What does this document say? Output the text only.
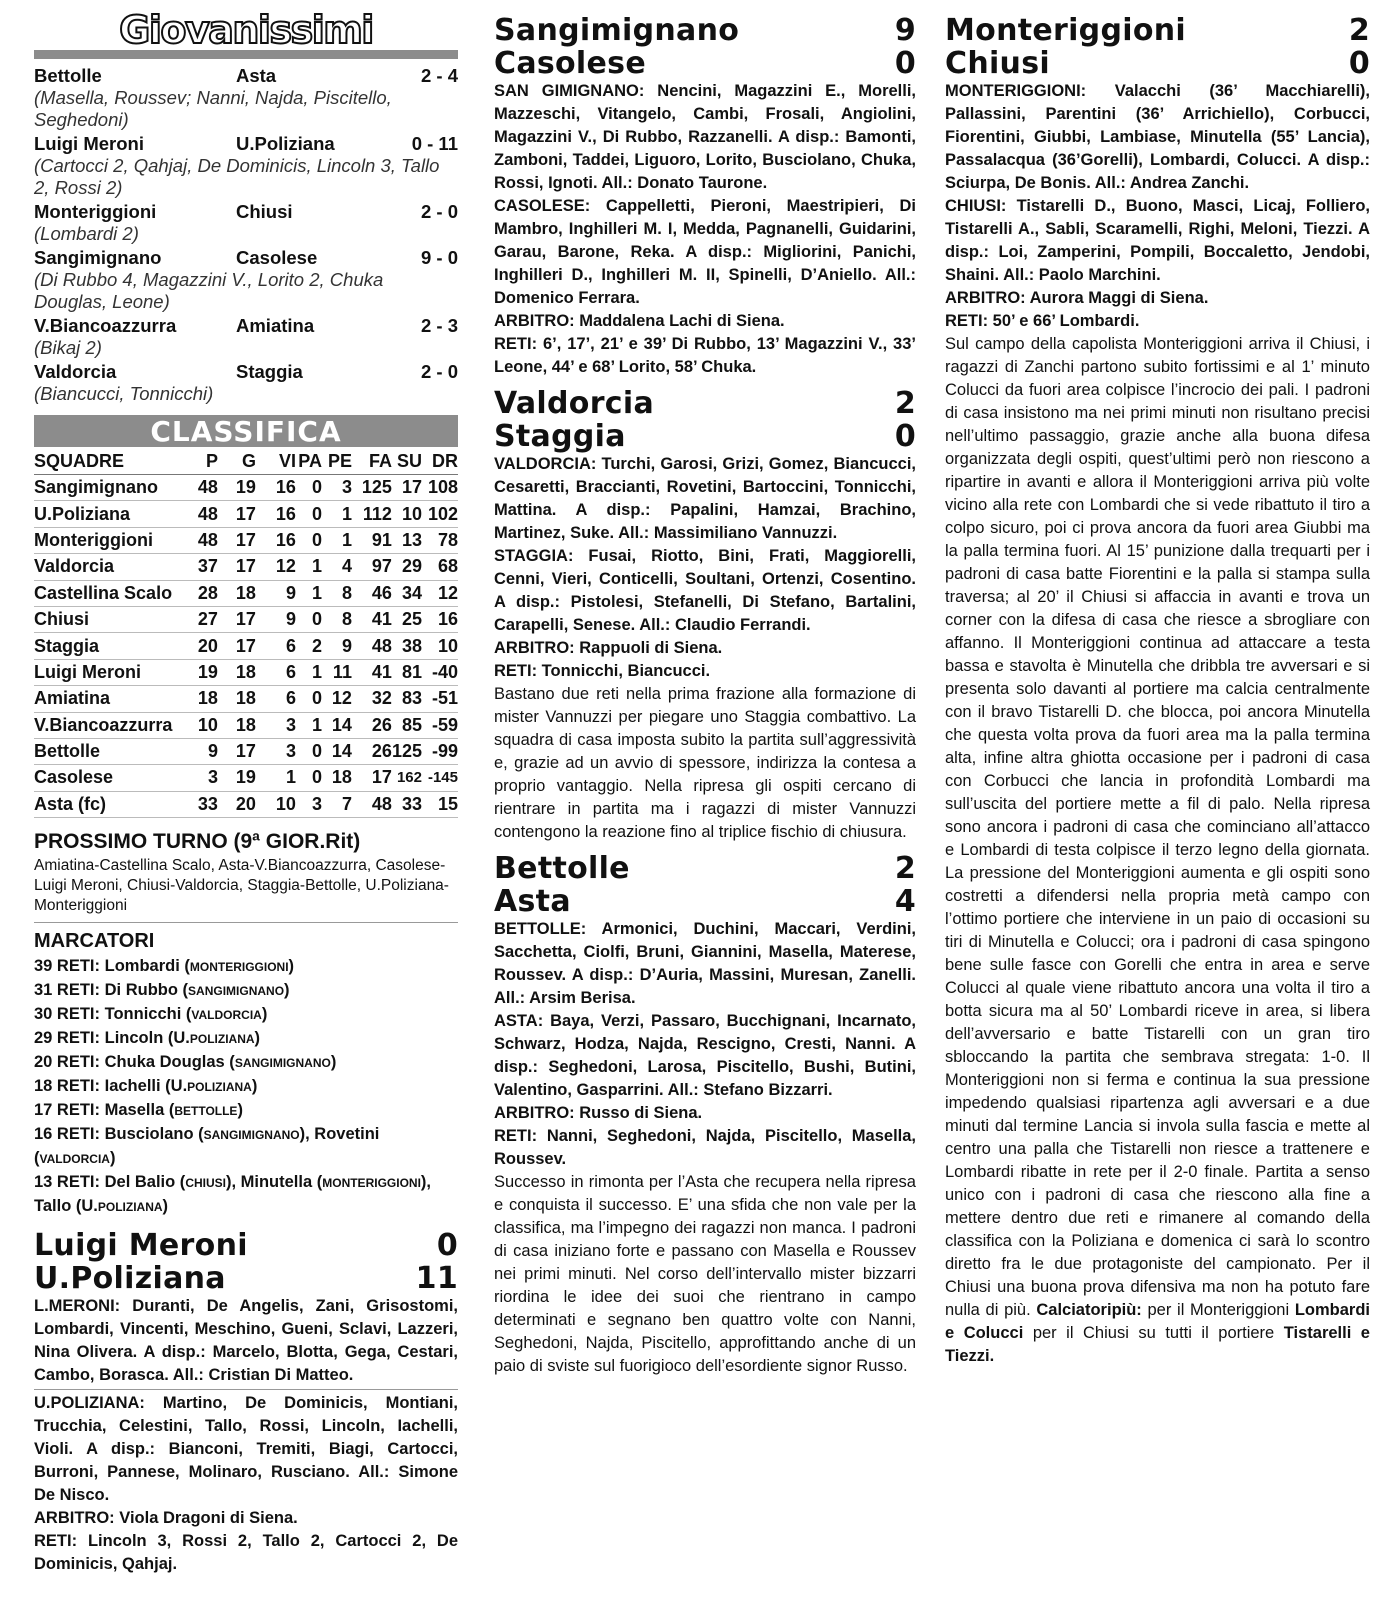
Giovanissimi
Bettolle	Asta	2 - 4
(Masella, Roussev; Nanni, Najda, Piscitello, Seghedoni)
Luigi Meroni	U.Poliziana	0 - 11
(Cartocci 2, Qahjaj, De Dominicis, Lincoln 3, Tallo 2, Rossi 2)
Monteriggioni	Chiusi	2 - 0
(Lombardi 2)
Sangimignano	Casolese	9 - 0
(Di Rubbo 4, Magazzini V., Lorito 2, Chuka Douglas, Leone)
V.Biancoazzurra	Amiatina	2 - 3
(Bikaj 2)
Valdorcia	Staggia	2 - 0
(Biancucci, Tonnicchi)
CLASSIFICA
SQUADRE	P	G	VI	PA	PE	FA	SU	DR
Sangimignano	48	19	16	0	3	125	17	108
U.Poliziana	48	17	16	0	1	112	10	102
Monteriggioni	48	17	16	0	1	91	13	78
Valdorcia	37	17	12	1	4	97	29	68
Castellina Scalo	28	18	9	1	8	46	34	12
Chiusi	27	17	9	0	8	41	25	16
Staggia	20	17	6	2	9	48	38	10
Luigi Meroni	19	18	6	1	11	41	81	-40
Amiatina	18	18	6	0	12	32	83	-51
V.Biancoazzurra	10	18	3	1	14	26	85	-59
Bettolle	9	17	3	0	14	26	125	-99
Casolese	3	19	1	0	18	17	162	-145
Asta (fc)	33	20	10	3	7	48	33	15
PROSSIMO TURNO (9ª GIOR.Rit)
Amiatina-Castellina Scalo, Asta-V.Biancoazzurra, Casolese-Luigi Meroni, Chiusi-Valdorcia, Staggia-Bettolle, U.Poliziana-Monteriggioni
MARCATORI
39 RETI: Lombardi (MONTERIGGIONI)
31 RETI: Di Rubbo (SANGIMIGNANO)
30 RETI: Tonnicchi (VALDORCIA)
29 RETI: Lincoln (U.POLIZIANA)
20 RETI: Chuka Douglas (SANGIMIGNANO)
18 RETI: Iachelli (U.POLIZIANA)
17 RETI: Masella (BETTOLLE)
16 RETI: Busciolano (SANGIMIGNANO), Rovetini (VALDORCIA)
13 RETI: Del Balio (CHIUSI), Minutella (MONTERIGGIONI), Tallo (U.POLIZIANA)
Luigi Meroni	0
U.Poliziana	11
L.MERONI: Duranti, De Angelis, Zani, Grisostomi, Lombardi, Vincenti, Meschino, Gueni, Sclavi, Lazzeri, Nina Olivera. A disp.: Marcelo, Blotta, Gega, Cestari, Cambo, Borasca. All.: Cristian Di Matteo.
U.POLIZIANA: Martino, De Dominicis, Montiani, Trucchia, Celestini, Tallo, Rossi, Lincoln, Iachelli, Violi. A disp.: Bianconi, Tremiti, Biagi, Cartocci, Burroni, Pannese, Molinaro, Rusciano. All.: Simone De Nisco.
ARBITRO: Viola Dragoni di Siena.
RETI: Lincoln 3, Rossi 2, Tallo 2, Cartocci 2, De Dominicis, Qahjaj.
Sangimignano	9
Casolese	0
SAN GIMIGNANO: Nencini, Magazzini E., Morelli, Mazzeschi, Vitangelo, Cambi, Frosali, Angiolini, Magazzini V., Di Rubbo, Razzanelli. A disp.: Bamonti, Zamboni, Taddei, Liguoro, Lorito, Busciolano, Chuka, Rossi, Ignoti. All.: Donato Taurone.
CASOLESE: Cappelletti, Pieroni, Maestripieri, Di Mambro, Inghilleri M. I, Medda, Pagnanelli, Guidarini, Garau, Barone, Reka. A disp.: Migliorini, Panichi, Inghilleri D., Inghilleri M. II, Spinelli, D’Aniello. All.: Domenico Ferrara.
ARBITRO: Maddalena Lachi di Siena.
RETI: 6’, 17’, 21’ e 39’ Di Rubbo, 13’ Magazzini V., 33’ Leone, 44’ e 68’ Lorito, 58’ Chuka.
Valdorcia	2
Staggia	0
VALDORCIA: Turchi, Garosi, Grizi, Gomez, Biancucci, Cesaretti, Braccianti, Rovetini, Bartoccini, Tonnicchi, Mattina. A disp.: Papalini, Hamzai, Brachino, Martinez, Suke. All.: Massimiliano Vannuzzi.
STAGGIA: Fusai, Riotto, Bini, Frati, Maggiorelli, Cenni, Vieri, Conticelli, Soultani, Ortenzi, Cosentino. A disp.: Pistolesi, Stefanelli, Di Stefano, Bartalini, Carapelli, Senese. All.: Claudio Ferrandi.
ARBITRO: Rappuoli di Siena.
RETI: Tonnicchi, Biancucci.
Bastano due reti nella prima frazione alla formazione di mister Vannuzzi per piegare uno Staggia combattivo. La squadra di casa imposta subito la partita sull’aggressività e, grazie ad un avvio di spessore, indirizza la contesa a proprio vantaggio. Nella ripresa gli ospiti cercano di rientrare in partita ma i ragazzi di mister Vannuzzi contengono la reazione fino al triplice fischio di chiusura.
Bettolle	2
Asta	4
BETTOLLE: Armonici, Duchini, Maccari, Verdini, Sacchetta, Ciolfi, Bruni, Giannini, Masella, Materese, Roussev. A disp.: D’Auria, Massini, Muresan, Zanelli. All.: Arsim Berisa.
ASTA: Baya, Verzi, Passaro, Bucchignani, Incarnato, Schwarz, Hodza, Najda, Rescigno, Cresti, Nanni. A disp.: Seghedoni, Larosa, Piscitello, Bushi, Butini, Valentino, Gasparrini. All.: Stefano Bizzarri.
ARBITRO: Russo di Siena.
RETI: Nanni, Seghedoni, Najda, Piscitello, Masella, Roussev.
Successo in rimonta per l’Asta che recupera nella ripresa e conquista il successo. E’ una sfida che non vale per la classifica, ma l’impegno dei ragazzi non manca. I padroni di casa iniziano forte e passano con Masella e Roussev nei primi minuti. Nel corso dell’intervallo mister bizzarri riordina le idee dei suoi che rientrano in campo determinati e segnano ben quattro volte con Nanni, Seghedoni, Najda, Piscitello, approfittando anche di un paio di sviste sul fuorigioco dell’esordiente signor Russo.
Monteriggioni	2
Chiusi	0
MONTERIGGIONI: Valacchi (36’ Macchiarelli), Pallassini, Parentini (36’ Arrichiello), Corbucci, Fiorentini, Giubbi, Lambiase, Minutella (55’ Lancia), Passalacqua (36’Gorelli), Lombardi, Colucci. A disp.: Sciurpa, De Bonis. All.: Andrea Zanchi.
CHIUSI: Tistarelli D., Buono, Masci, Licaj, Folliero, Tistarelli A., Sabli, Scaramelli, Righi, Meloni, Tiezzi. A disp.: Loi, Zamperini, Pompili, Boccaletto, Jendobi, Shaini. All.: Paolo Marchini.
ARBITRO: Aurora Maggi di Siena.
RETI: 50’ e 66’ Lombardi.
Sul campo della capolista Monteriggioni arriva il Chiusi, i ragazzi di Zanchi partono subito fortissimi e al 1’ minuto Colucci da fuori area colpisce l’incrocio dei pali. I padroni di casa insistono ma nei primi minuti non risultano precisi nell’ultimo passaggio, grazie anche alla buona difesa organizzata degli ospiti, quest’ultimi però non riescono a ripartire in avanti e allora il Monteriggioni arriva più volte vicino alla rete con Lombardi che si vede ribattuto il tiro a colpo sicuro, poi ci prova ancora da fuori area Giubbi ma la palla termina fuori. Al 15’ punizione dalla trequarti per i padroni di casa batte Fiorentini e la palla si stampa sulla traversa; al 20’ il Chiusi si affaccia in avanti e trova un corner con la difesa di casa che riesce a sbrogliare con affanno. Il Monteriggioni continua ad attaccare a testa bassa e stavolta è Minutella che dribbla tre avversari e si presenta solo davanti al portiere ma calcia centralmente con il bravo Tistarelli D. che blocca, poi ancora Minutella che questa volta prova da fuori area ma la palla termina alta, infine altra ghiotta occasione per i padroni di casa con Corbucci che lancia in profondità Lombardi ma sull’uscita del portiere mette a fil di palo. Nella ripresa sono ancora i padroni di casa che cominciano all’attacco e Lombardi di testa colpisce il terzo legno della giornata. La pressione del Monteriggioni aumenta e gli ospiti sono costretti a difendersi nella propria metà campo con l’ottimo portiere che interviene in un paio di occasioni su tiri di Minutella e Colucci; ora i padroni di casa spingono bene sulle fasce con Gorelli che entra in area e serve Colucci al quale viene ribattuto ancora una volta il tiro a botta sicura ma al 50’ Lombardi riceve in area, si libera dell’avversario e batte Tistarelli con un gran tiro sbloccando la partita che sembrava stregata: 1-0. Il Monteriggioni non si ferma e continua la sua pressione impedendo qualsiasi ripartenza agli avversari e a due minuti dal termine Lancia si invola sulla fascia e mette al centro una palla che Tistarelli non riesce a trattenere e Lombardi ribatte in rete per il 2-0 finale. Partita a senso unico con i padroni di casa che riescono alla fine a mettere dentro due reti e rimanere al comando della classifica con la Poliziana e domenica ci sarà lo scontro diretto fra le due protagoniste del campionato. Per il Chiusi una buona prova difensiva ma non ha potuto fare nulla di più. Calciatoripiù: per il Monteriggioni Lombardi e Colucci per il Chiusi su tutti il portiere Tistarelli e Tiezzi.
